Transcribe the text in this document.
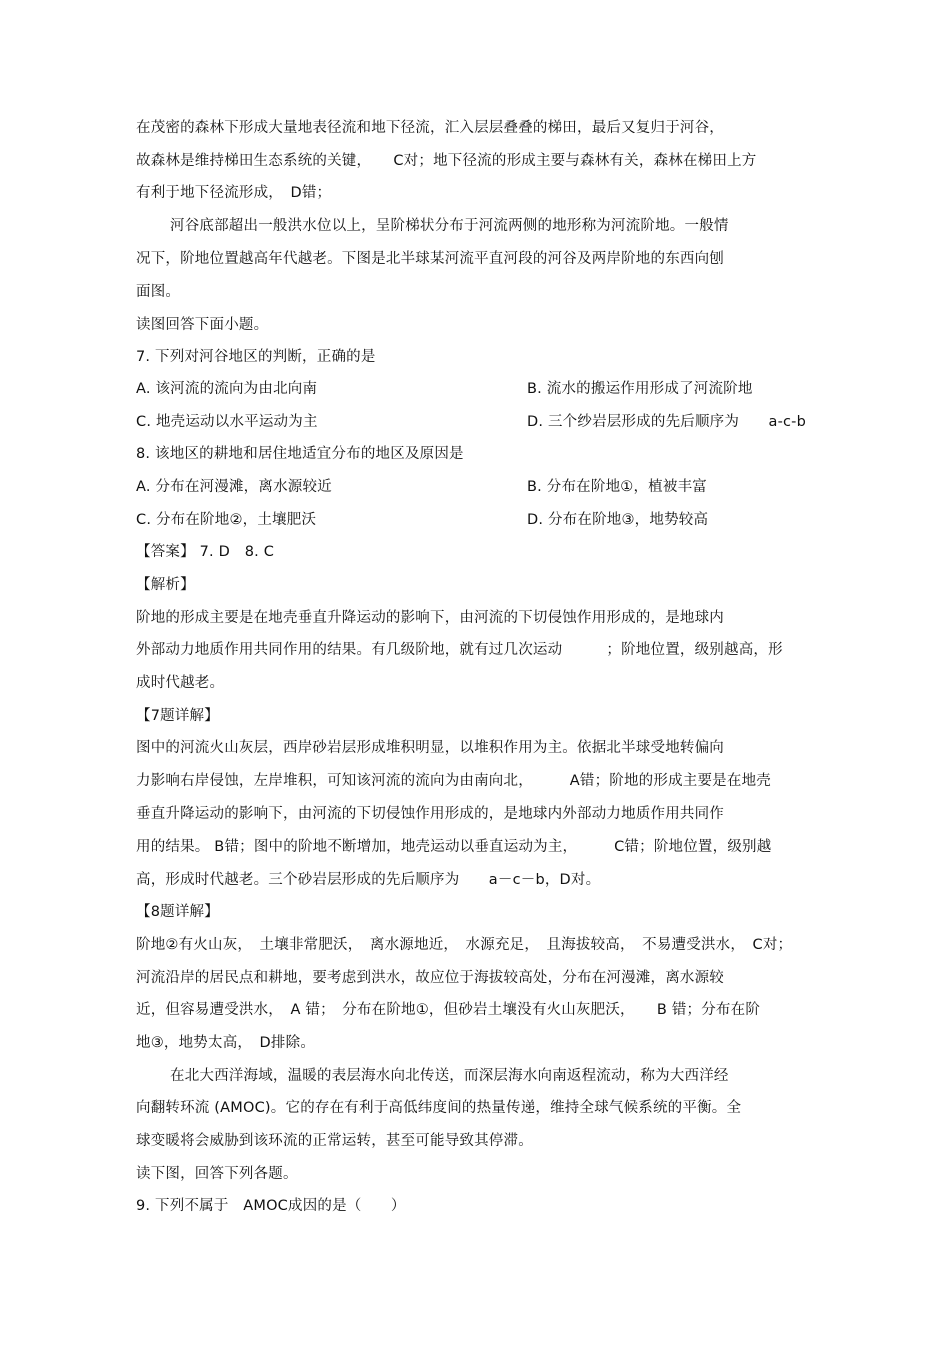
在茂密的森林下形成大量地表径流和地下径流，汇入层层叠叠的梯田，最后又复归于河谷，
故森林是维持梯田生态系统的关键，　　C对；地下径流的形成主要与森林有关，森林在梯田上方
有利于地下径流形成，　D错；
河谷底部超出一般洪水位以上，呈阶梯状分布于河流两侧的地形称为河流阶地。一般情
况下，阶地位置越高年代越老。下图是北半球某河流平直河段的河谷及两岸阶地的东西向刨
面图。
读图回答下面小题。
7. 下列对河谷地区的判断，正确的是
A. 该河流的流向为由北向南	B. 流水的搬运作用形成了河流阶地
C. 地壳运动以水平运动为主	D. 三个纱岩层形成的先后顺序为　　a-c-b
8. 该地区的耕地和居住地适宜分布的地区及原因是
A. 分布在河漫滩，离水源较近	B. 分布在阶地①，植被丰富
C. 分布在阶地②，土壤肥沃	D. 分布在阶地③，地势较高
【答案】 7. D　8. C
【解析】
阶地的形成主要是在地壳垂直升降运动的影响下，由河流的下切侵蚀作用形成的，是地球内
外部动力地质作用共同作用的结果。有几级阶地，就有过几次运动　　　；阶地位置，级别越高，形
成时代越老。
【7题详解】
图中的河流火山灰层，西岸砂岩层形成堆积明显，以堆积作用为主。依据北半球受地转偏向
力影响右岸侵蚀，左岸堆积，可知该河流的流向为由南向北，　　　A错；阶地的形成主要是在地壳
垂直升降运动的影响下，由河流的下切侵蚀作用形成的，是地球内外部动力地质作用共同作
用的结果。 B错；图中的阶地不断增加，地壳运动以垂直运动为主，　　　C错；阶地位置，级别越
高，形成时代越老。三个砂岩层形成的先后顺序为　　a－c－b，D对。
【8题详解】
阶地②有火山灰，　土壤非常肥沃，　离水源地近，　水源充足，　且海拔较高，　不易遭受洪水，　C对；
河流沿岸的居民点和耕地，要考虑到洪水，故应位于海拔较高处，分布在河漫滩，离水源较
近，但容易遭受洪水，　A 错；　分布在阶地①，但砂岩土壤没有火山灰肥沃，　　B 错；分布在阶
地③，地势太高，　D排除。
在北大西洋海域，温暖的表层海水向北传送，而深层海水向南返程流动，称为大西洋经
向翻转环流 (AMOC)。它的存在有利于高低纬度间的热量传递，维持全球气候系统的平衡。全
球变暖将会威胁到该环流的正常运转，甚至可能导致其停滞。
读下图，回答下列各题。
9. 下列不属于　AMOC成因的是（　　）
